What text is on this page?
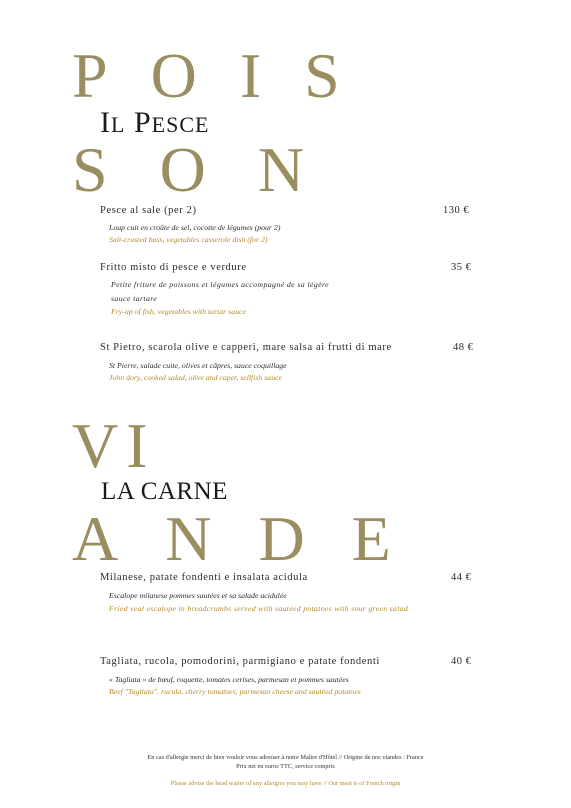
POIS
IL PESCE
SON
Pesce al sale (per 2)	130 €
Loup cuit en croûte de sel, cocotte de légumes (pour 2)
Salt-crusted bass, vegetables casserole dish (for 2)
Fritto misto di pesce e verdure	35 €
Petite friture de poissons et légumes accompagné de sa légère
sauce tartare
Fry-up of fish, vegetables with tartar sauce
St Pietro, scarola olive e capperi, mare salsa ai frutti di mare	48 €
St Pierre, salade cuite, olives et câpres, sauce coquillage
John dory, cooked salad, olive and caper, sellfish sauce
VI
LA CARNE
ANDE
Milanese, patate fondenti e insalata acidula	44 €
Escalope milanese pommes sautées et sa salade acidulée
Fried veal escalope in breadcrumbs served with sautéed potatoes with sour green salad
Tagliata, rucola, pomodorini, parmigiano e patate fondenti	40 €
« Tagliata » de bœuf, roquette, tomates cerises, parmesan et pommes sautées
Beef "Tagliata", rucula, cherry tomatoes, parmesan cheese and sautéed potatoes
En cas d'allergie merci de bien vouloir vous adresser à notre Maître d'Hôtel // Origine de nos viandes : France
Prix net en euros TTC, service compris
Please advise the head waiter of any allergies you may have // Our meat is of French origin
